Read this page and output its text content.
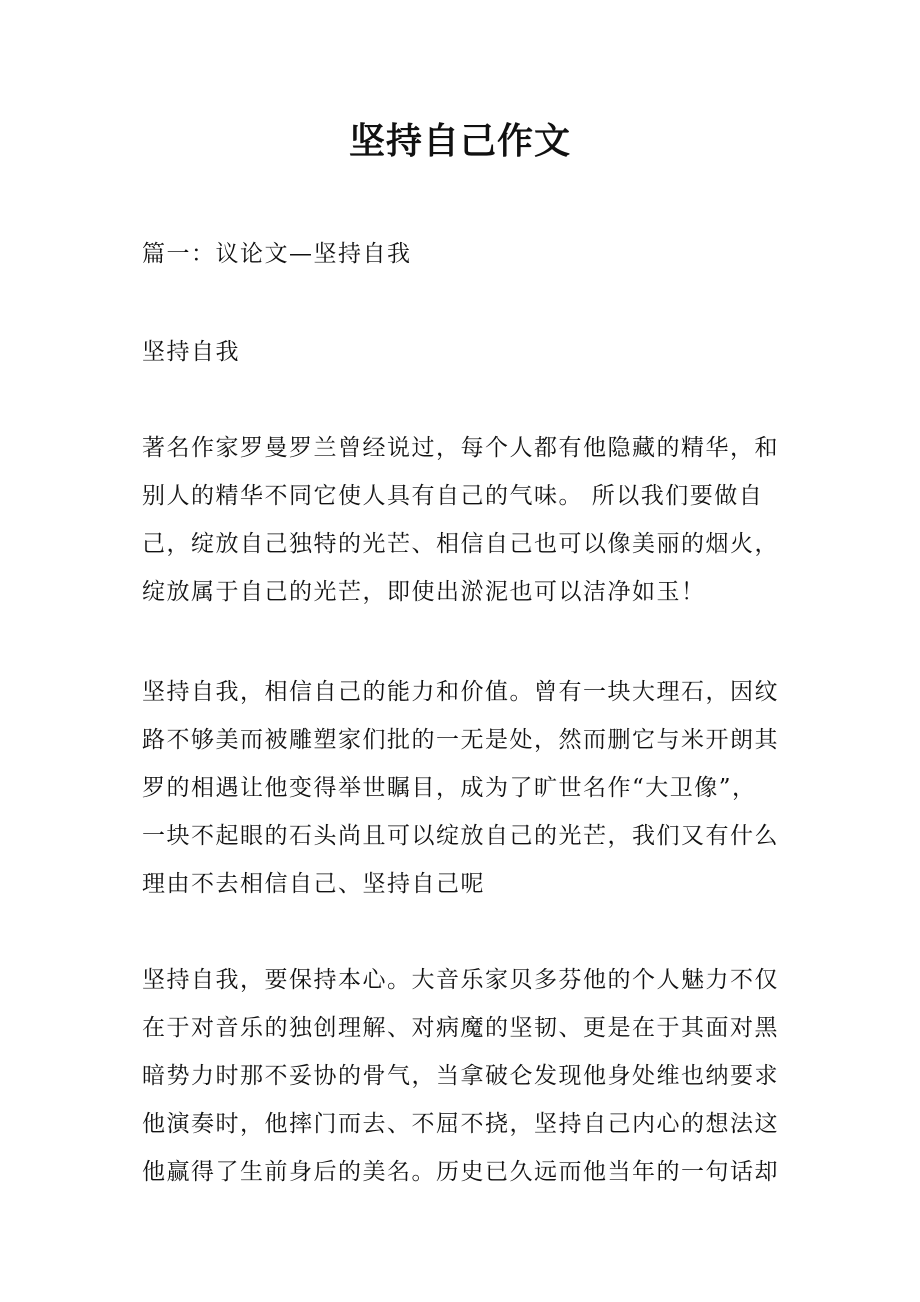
坚持自己作文

篇一：议论文—坚持自我

坚持自我

著名作家罗曼罗兰曾经说过，每个人都有他隐藏的精华，和
别人的精华不同它使人具有自己的气味。 所以我们要做自
己，绽放自己独特的光芒、相信自己也可以像美丽的烟火，
绽放属于自己的光芒，即使出淤泥也可以洁净如玉！

坚持自我，相信自己的能力和价值。曾有一块大理石，因纹
路不够美而被雕塑家们批的一无是处，然而删它与米开朗其
罗的相遇让他变得举世瞩目，成为了旷世名作“大卫像”，
一块不起眼的石头尚且可以绽放自己的光芒，我们又有什么
理由不去相信自己、坚持自己呢

坚持自我，要保持本心。大音乐家贝多芬他的个人魅力不仅
在于对音乐的独创理解、对病魔的坚韧、更是在于其面对黑
暗势力时那不妥协的骨气，当拿破仑发现他身处维也纳要求
他演奏时，他摔门而去、不屈不挠，坚持自己内心的想法这
他赢得了生前身后的美名。历史已久远而他当年的一句话却
